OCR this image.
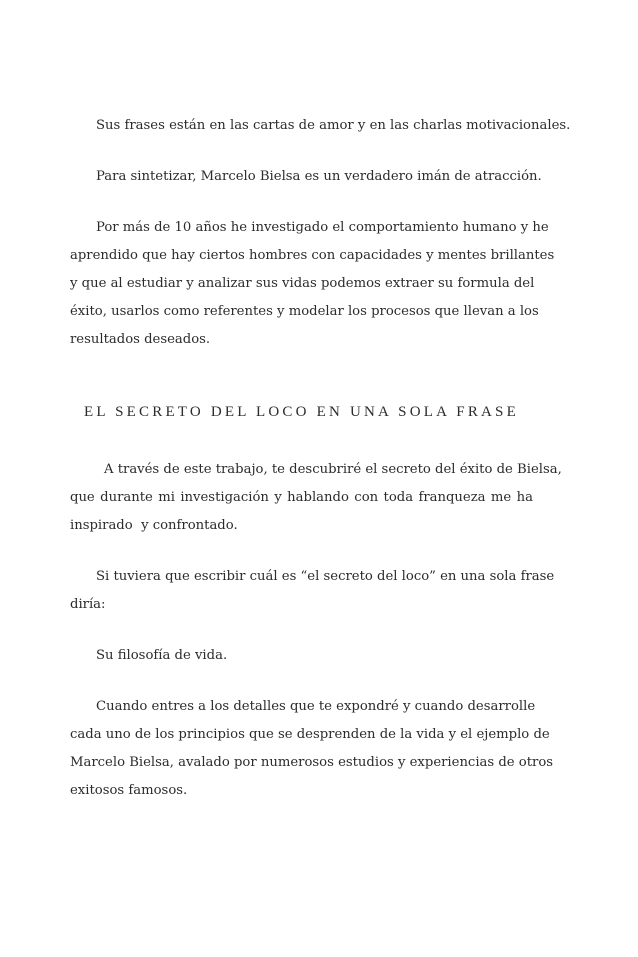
Sus frases están en las cartas de amor y en las charlas motivacionales.
Para sintetizar, Marcelo Bielsa es un verdadero imán de atracción.
Por más de 10 años he investigado el comportamiento humano y he
aprendido que hay ciertos hombres con capacidades y mentes brillantes
y que al estudiar y analizar sus vidas podemos extraer su formula del
éxito, usarlos como referentes y modelar los procesos que llevan a los
resultados deseados.
EL SECRETO DEL LOCO EN UNA SOLA FRASE
A través de este trabajo, te descubriré el secreto del éxito de Bielsa,
que durante mi investigación y hablando con toda franqueza me ha
inspirado  y confrontado.
Si tuviera que escribir cuál es “el secreto del loco” en una sola frase
diría:
Su filosofía de vida.
Cuando entres a los detalles que te expondré y cuando desarrolle
cada uno de los principios que se desprenden de la vida y el ejemplo de
Marcelo Bielsa, avalado por numerosos estudios y experiencias de otros
exitosos famosos.
